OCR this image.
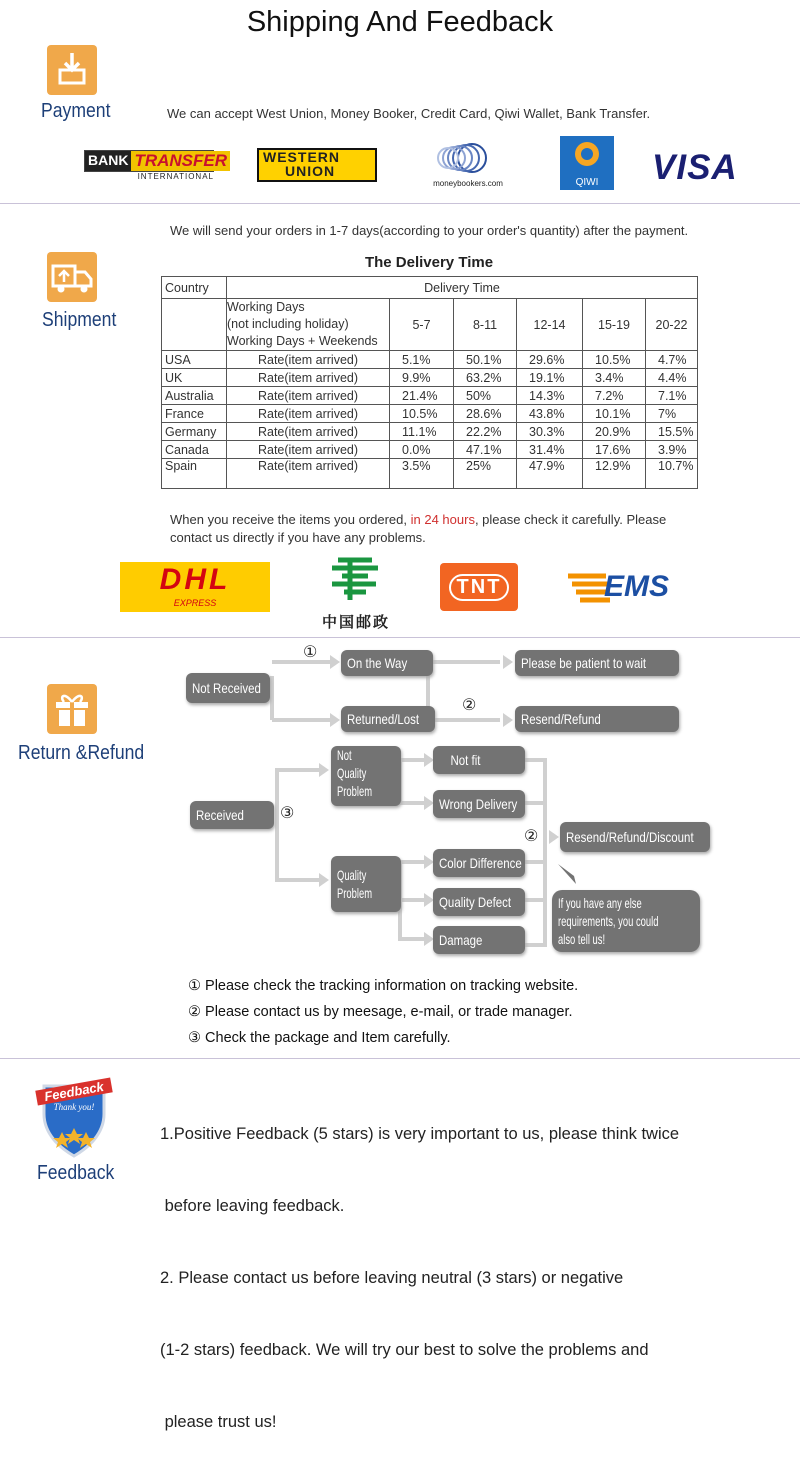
Shipping And Feedback
Payment	We can accept West Union, Money Booker, Credit Card, Qiwi Wallet, Bank Transfer.
BANK TRANSFER
INTERNATIONAL
WESTERN
UNION
moneybookers.com	QIWI	VISA
We will send your orders in 1-7 days(according to your order's quantity) after the payment.
Shipment
The Delivery Time
Country	Delivery Time					

	Working Days
(not including holiday)
Working Days + Weekends	5-7	8-11	12-14	15-19	20-22
USA	Rate(item arrived)	5.1%	50.1%	29.6%	10.5%	4.7%
UK	Rate(item arrived)	9.9%	63.2%	19.1%	3.4%	4.4%
Australia	Rate(item arrived)	21.4%	50%	14.3%	7.2%	7.1%
France	Rate(item arrived)	10.5%	28.6%	43.8%	10.1%	7%
Germany	Rate(item arrived)	11.1%	22.2%	30.3%	20.9%	15.5%
Canada	Rate(item arrived)	0.0%	47.1%	31.4%	17.6%	3.9%
Spain	Rate(item arrived)	3.5%	25%	47.9%	12.9%	10.7%
When you receive the items you ordered, in 24 hours, please check it carefully. Please
contact us directly if you have any problems.
DHL
EXPRESS
中国邮政
TNT	EMS
Return &Refund
①
Not Received
On the Way	Please be patient to wait
Returned/Lost
②
Resend/Refund
Received ③
Not
Quality
Problem
Not fit
Wrong Delivery
Quality
Problem
Color Difference
Quality Defect
Damage
② Resend/Refund/Discount
If you have any else
requirements, you could
also tell us!
① Please check the tracking information on tracking website.
② Please contact us by meesage, e-mail, or trade manager.
③ Check the package and Item carefully.
Feedback
Thank you!
Feedback

1.Positive Feedback (5 stars) is very important to us, please think twice

before leaving feedback.

2. Please contact us before leaving neutral (3 stars) or negative

(1-2 stars) feedback. We will try our best to solve the problems and

please trust us!
